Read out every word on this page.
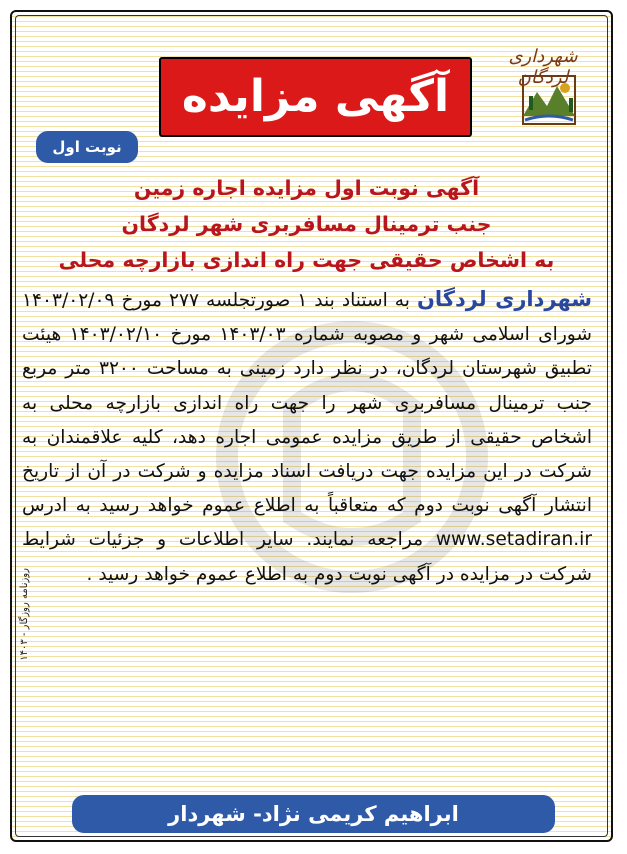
شهرداری لردگان
آگهی مزایده
نوبت اول
روزنامه روزگار - ۱۴۰۳
آگهی نوبت اول مزایده اجاره زمین
جنب ترمینال مسافربری شهر لردگان
به اشخاص حقیقی جهت راه اندازی بازارچه محلی
شهرداری لردگان به استناد بند ۱ صورتجلسه ۲۷۷ مورخ ۱۴۰۳/۰۲/۰۹ شورای اسلامی شهر و مصوبه شماره ۱۴۰۳/۰۳ مورخ ۱۴۰۳/۰۲/۱۰ هیئت تطبیق شهرستان لردگان، در نظر دارد زمینی به مساحت ۳۲۰۰ متر مربع جنب ترمینال مسافربری شهر را جهت راه اندازی بازارچه محلی به اشخاص حقیقی از طریق مزایده عمومی اجاره دهد، کلیه علاقمندان به شرکت در این مزایده جهت دریافت اسناد مزایده و شرکت در آن از تاریخ انتشار آگهی نوبت دوم که متعاقباً به اطلاع عموم خواهد رسید به ادرس www.setadiran.ir مراجعه نمایند. سایر اطلاعات و جزئیات شرایط شرکت در مزایده در آگهی نوبت دوم به اطلاع عموم خواهد رسید .
ابراهیم کریمی نژاد- شهردار
